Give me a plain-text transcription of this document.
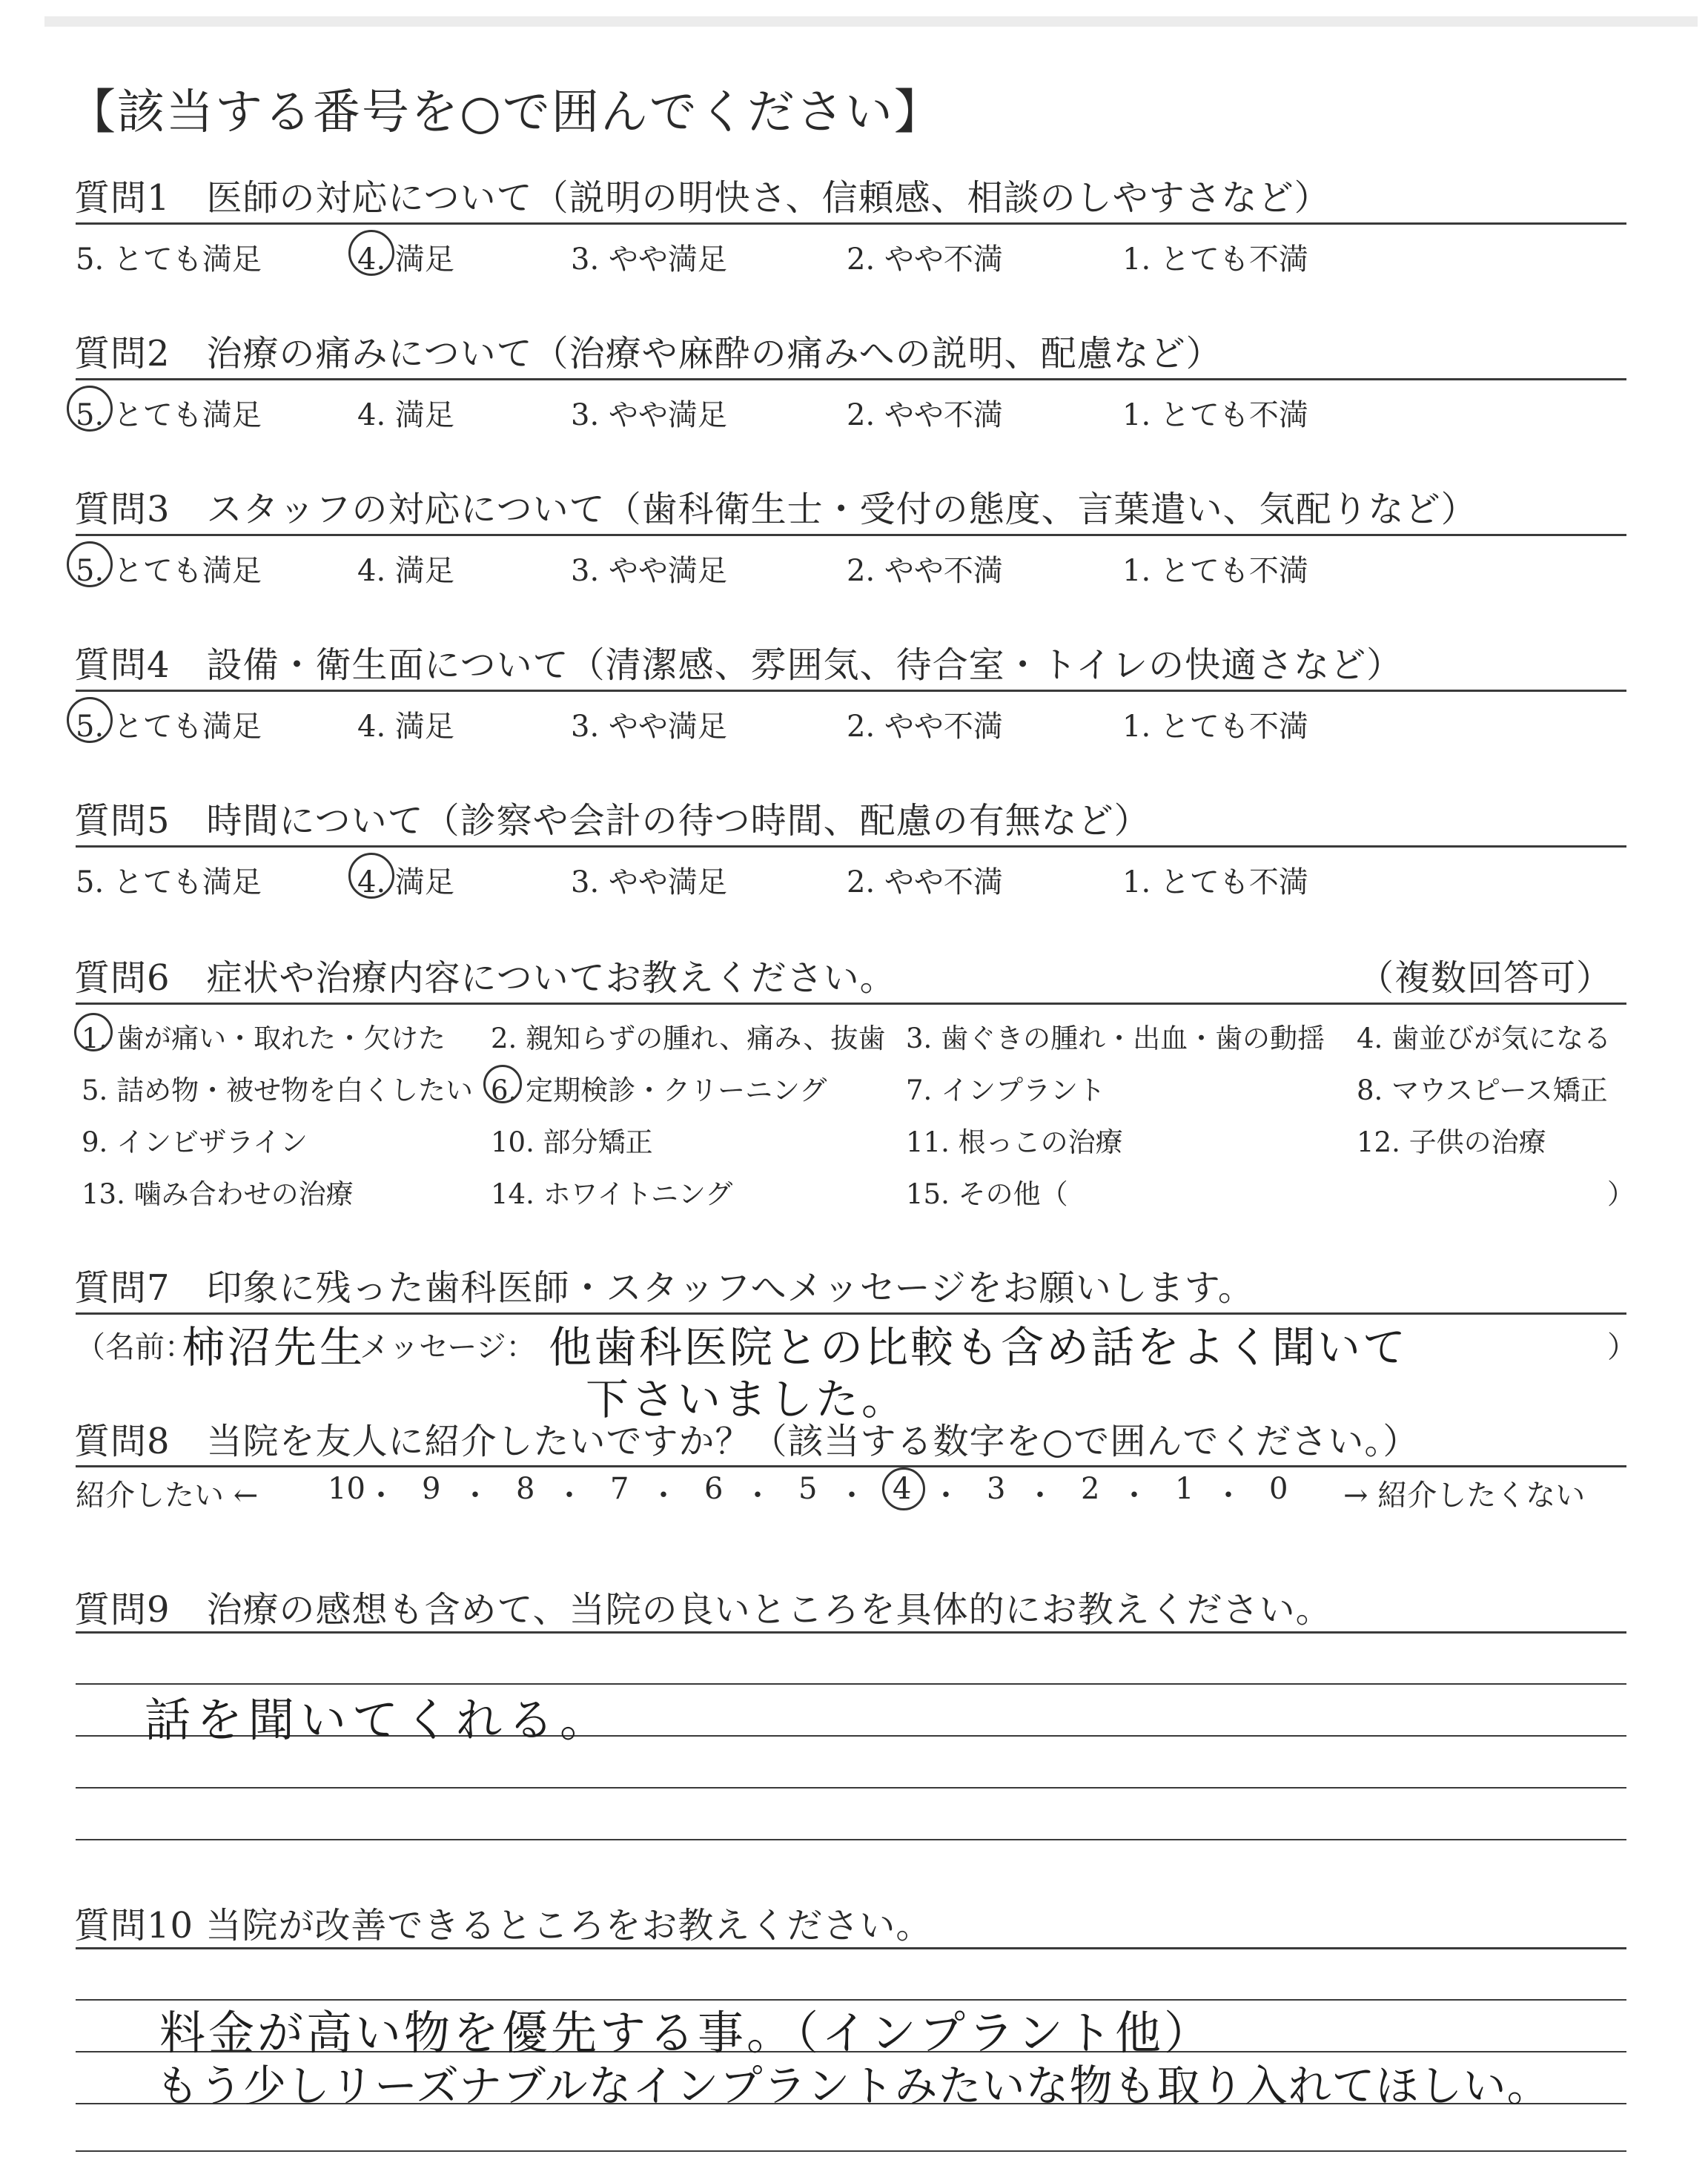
【該当する番号を○で囲んでください】
質問1　医師の対応について（説明の明快さ、信頼感、相談のしやすさなど）
5. とても満足	4. 満足	3. やや満足	2. やや不満	1. とても不満
質問2　治療の痛みについて（治療や麻酔の痛みへの説明、配慮など）
5. とても満足	4. 満足	3. やや満足	2. やや不満	1. とても不満
質問3　スタッフの対応について（歯科衛生士・受付の態度、言葉遣い、気配りなど）
5. とても満足	4. 満足	3. やや満足	2. やや不満	1. とても不満
質問4　設備・衛生面について（清潔感、雰囲気、待合室・トイレの快適さなど）
5. とても満足	4. 満足	3. やや満足	2. やや不満	1. とても不満
質問5　時間について（診察や会計の待つ時間、配慮の有無など）
5. とても満足	4. 満足	3. やや満足	2. やや不満	1. とても不満
質問6　症状や治療内容についてお教えください。	（複数回答可）
1. 歯が痛い・取れた・欠けた 2. 親知らずの腫れ、痛み、抜歯 3. 歯ぐきの腫れ・出血・歯の動揺 4. 歯並びが気になる
5. 詰め物・被せ物を白くしたい 6. 定期検診・クリーニング	7. インプラント	8. マウスピース矯正
9. インビザライン	10. 部分矯正	11. 根っこの治療	12. 子供の治療
13. 噛み合わせの治療	14. ホワイトニング	15. その他（	）
質問7　印象に残った歯科医師・スタッフへメッセージをお願いします。
（名前：
柿沼先生
メッセージ： 他歯科医院との比較も含め話をよく聞いて
下さいました。
）
質問8　当院を友人に紹介したいですか？（該当する数字を○で囲んでください。）
紹介したい ← 10 ・ 9 ・ 8 ・ 7 ・ 6 ・ 5 ・ 4 ・ 3 ・ 2 ・ 1 ・ 0 → 紹介したくない
質問9　治療の感想も含めて、当院の良いところを具体的にお教えください。
話を聞いてくれる。
質問10 当院が改善できるところをお教えください。
料金が高い物を優先する事。（インプラント他）
もう少しリーズナブルなインプラントみたいな物も取り入れてほしい。
